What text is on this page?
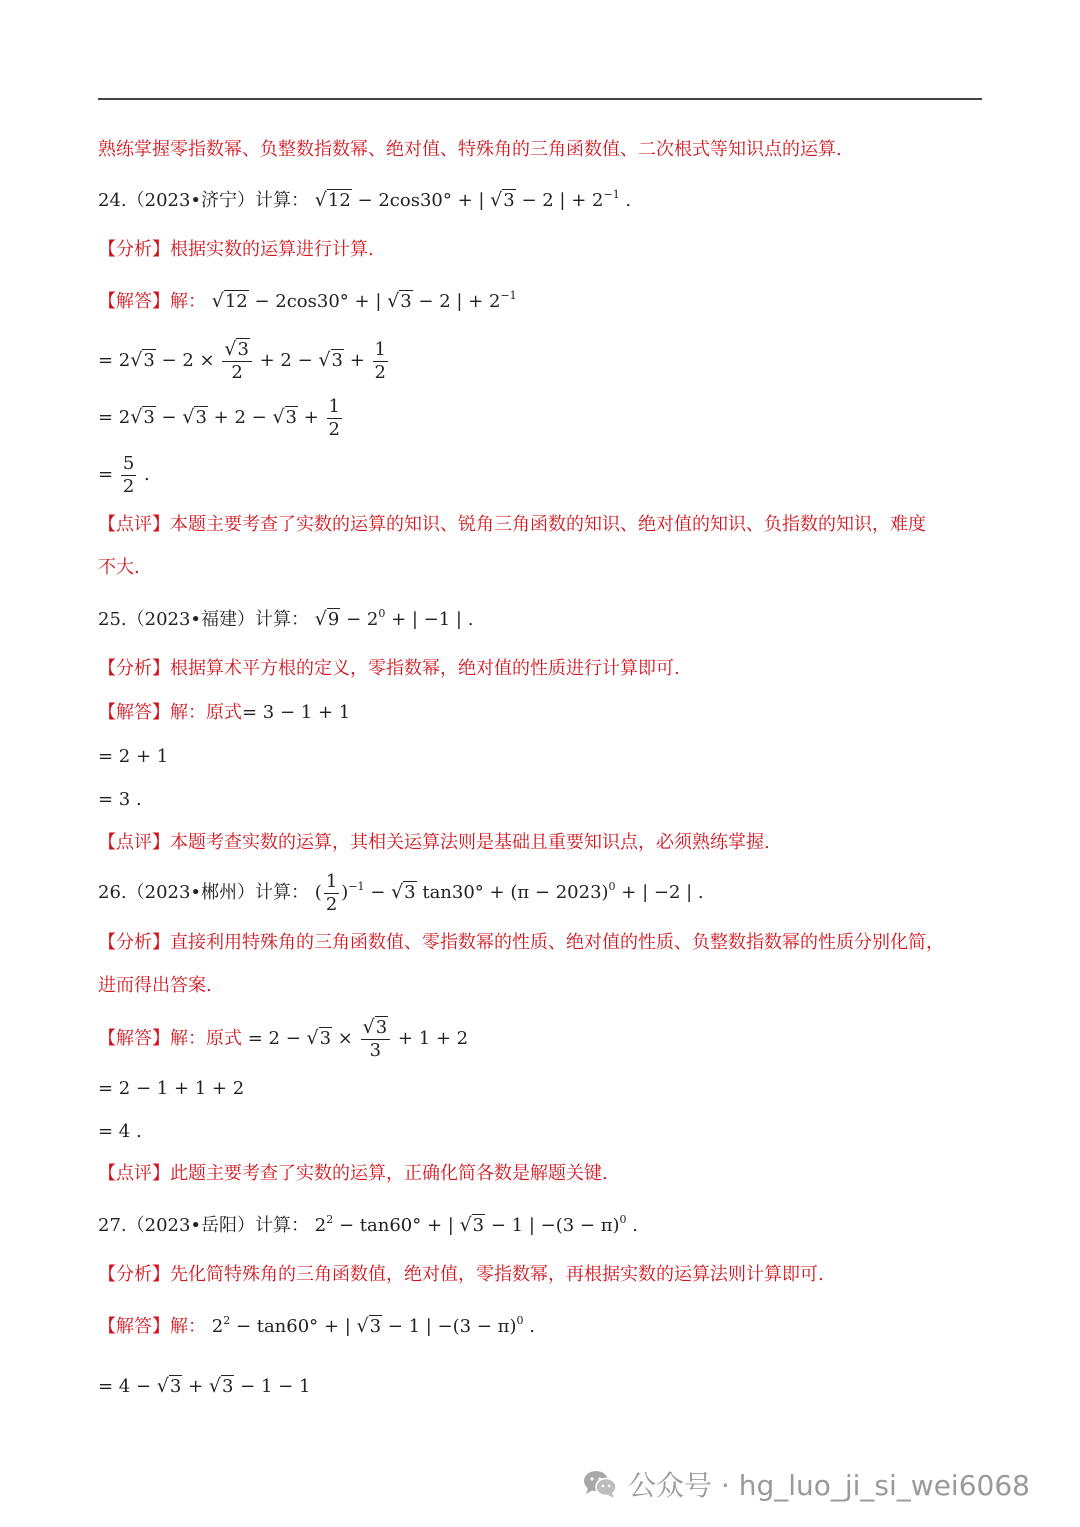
熟练掌握零指数幂、负整数指数幂、绝对值、特殊角的三角函数值、二次根式等知识点的运算.
24.（2023•济宁）计算： √12 − 2cos30° + | √3 − 2 | + $2^{-1}$ .
【分析】根据实数的运算进行计算.
【解答】解： √12 − 2cos30° + | √3 − 2 | + $2^{-1}$
= $2√3 - 2 \times \frac{√3}{2} + 2 - √3 + \frac{1}{2}$
= $2√3 - √3 + 2 - √3 + \frac{1}{2}$
= $\frac{5}{2}$ .
【点评】本题主要考查了实数的运算的知识、锐角三角函数的知识、绝对值的知识、负指数的知识，难度
不大.
25.（2023•福建）计算： $√9 - 2^0$ + | −1 | .
【分析】根据算术平方根的定义，零指数幂，绝对值的性质进行计算即可.
【解答】解：原式= 3 − 1 + 1
= 2 + 1
= 3 .
【点评】本题考查实数的运算，其相关运算法则是基础且重要知识点，必须熟练掌握.
26.（2023•郴州）计算： ( $\frac{1}{2} )^{-1} - √3$ $\tan 30^\circ + (\pi - 2023)^0$ + | −2 | .
【分析】直接利用特殊角的三角函数值、零指数幂的性质、绝对值的性质、负整数指数幂的性质分别化简，
进而得出答案.
【解答】解：原式 = $2 - √3 \times \frac{√3}{3} + 1 + 2$
= 2 − 1 + 1 + 2
= 4 .
【点评】此题主要考查了实数的运算，正确化简各数是解题关键.
27.（2023•岳阳）计算： $2^2 - \tan 60^\circ$ + | √3 − 1 | $-(3 - \pi)^0$ .
【分析】先化简特殊角的三角函数值，绝对值，零指数幂，再根据实数的运算法则计算即可.
【解答】解： $2^2 - \tan 60^\circ$ + | √3 − 1 | $-(3 - \pi)^0$ .
= 4 − √3 + √3 − 1 − 1
公众号 · hg_luo_ji_si_wei6068
